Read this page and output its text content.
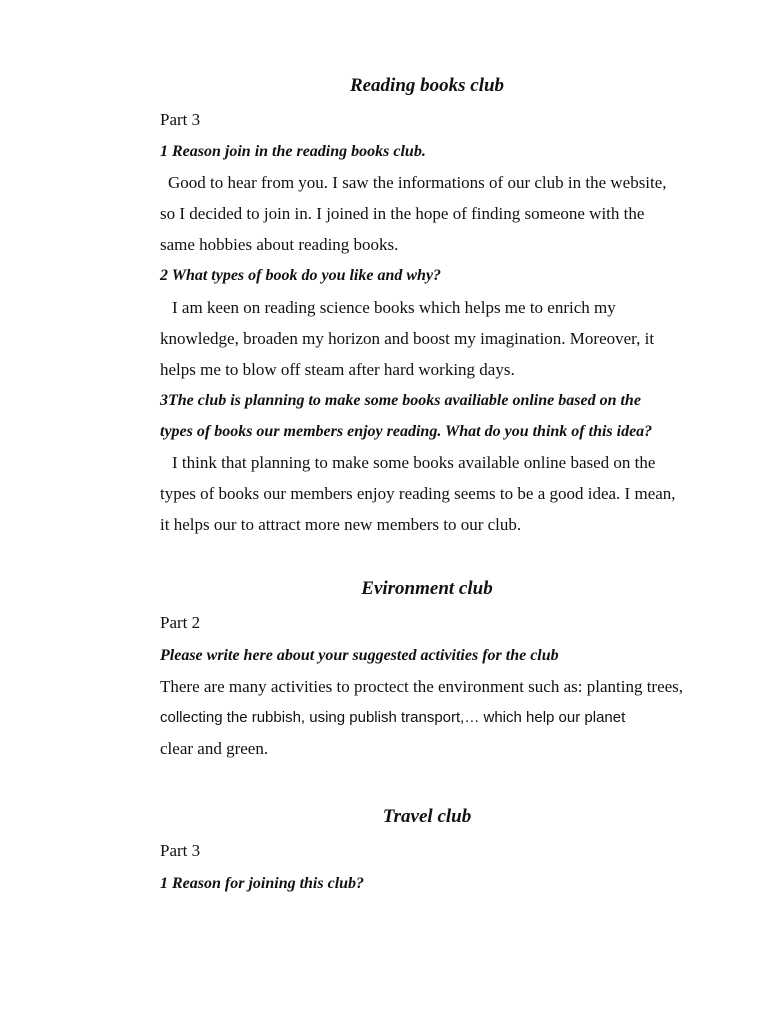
Reading books club
Part 3
1 Reason join in the reading books club.
Good to hear from you. I saw the informations of our club in the website,
so I decided to join in. I joined in the hope of finding someone with the
same hobbies about reading books.
2 What types of book do you like and why?
I am keen on reading science books which helps me to enrich my
knowledge, broaden my horizon and boost my imagination. Moreover, it
helps me to blow off steam after hard working days.
3The club is planning to make some books availiable online based on the
types of books our members enjoy reading. What do you think of this idea?
I think that planning to make some books available online based on the
types of books our members enjoy reading seems to be a good idea. I mean,
it helps our to attract more new members to our club.
Evironment club
Part 2
Please write here about your suggested activities for the club
There are many activities to proctect the environment such as: planting trees,
collecting the rubbish, using publish transport,… which help our planet
clear and green.
Travel club
Part 3
1 Reason for joining this club?
